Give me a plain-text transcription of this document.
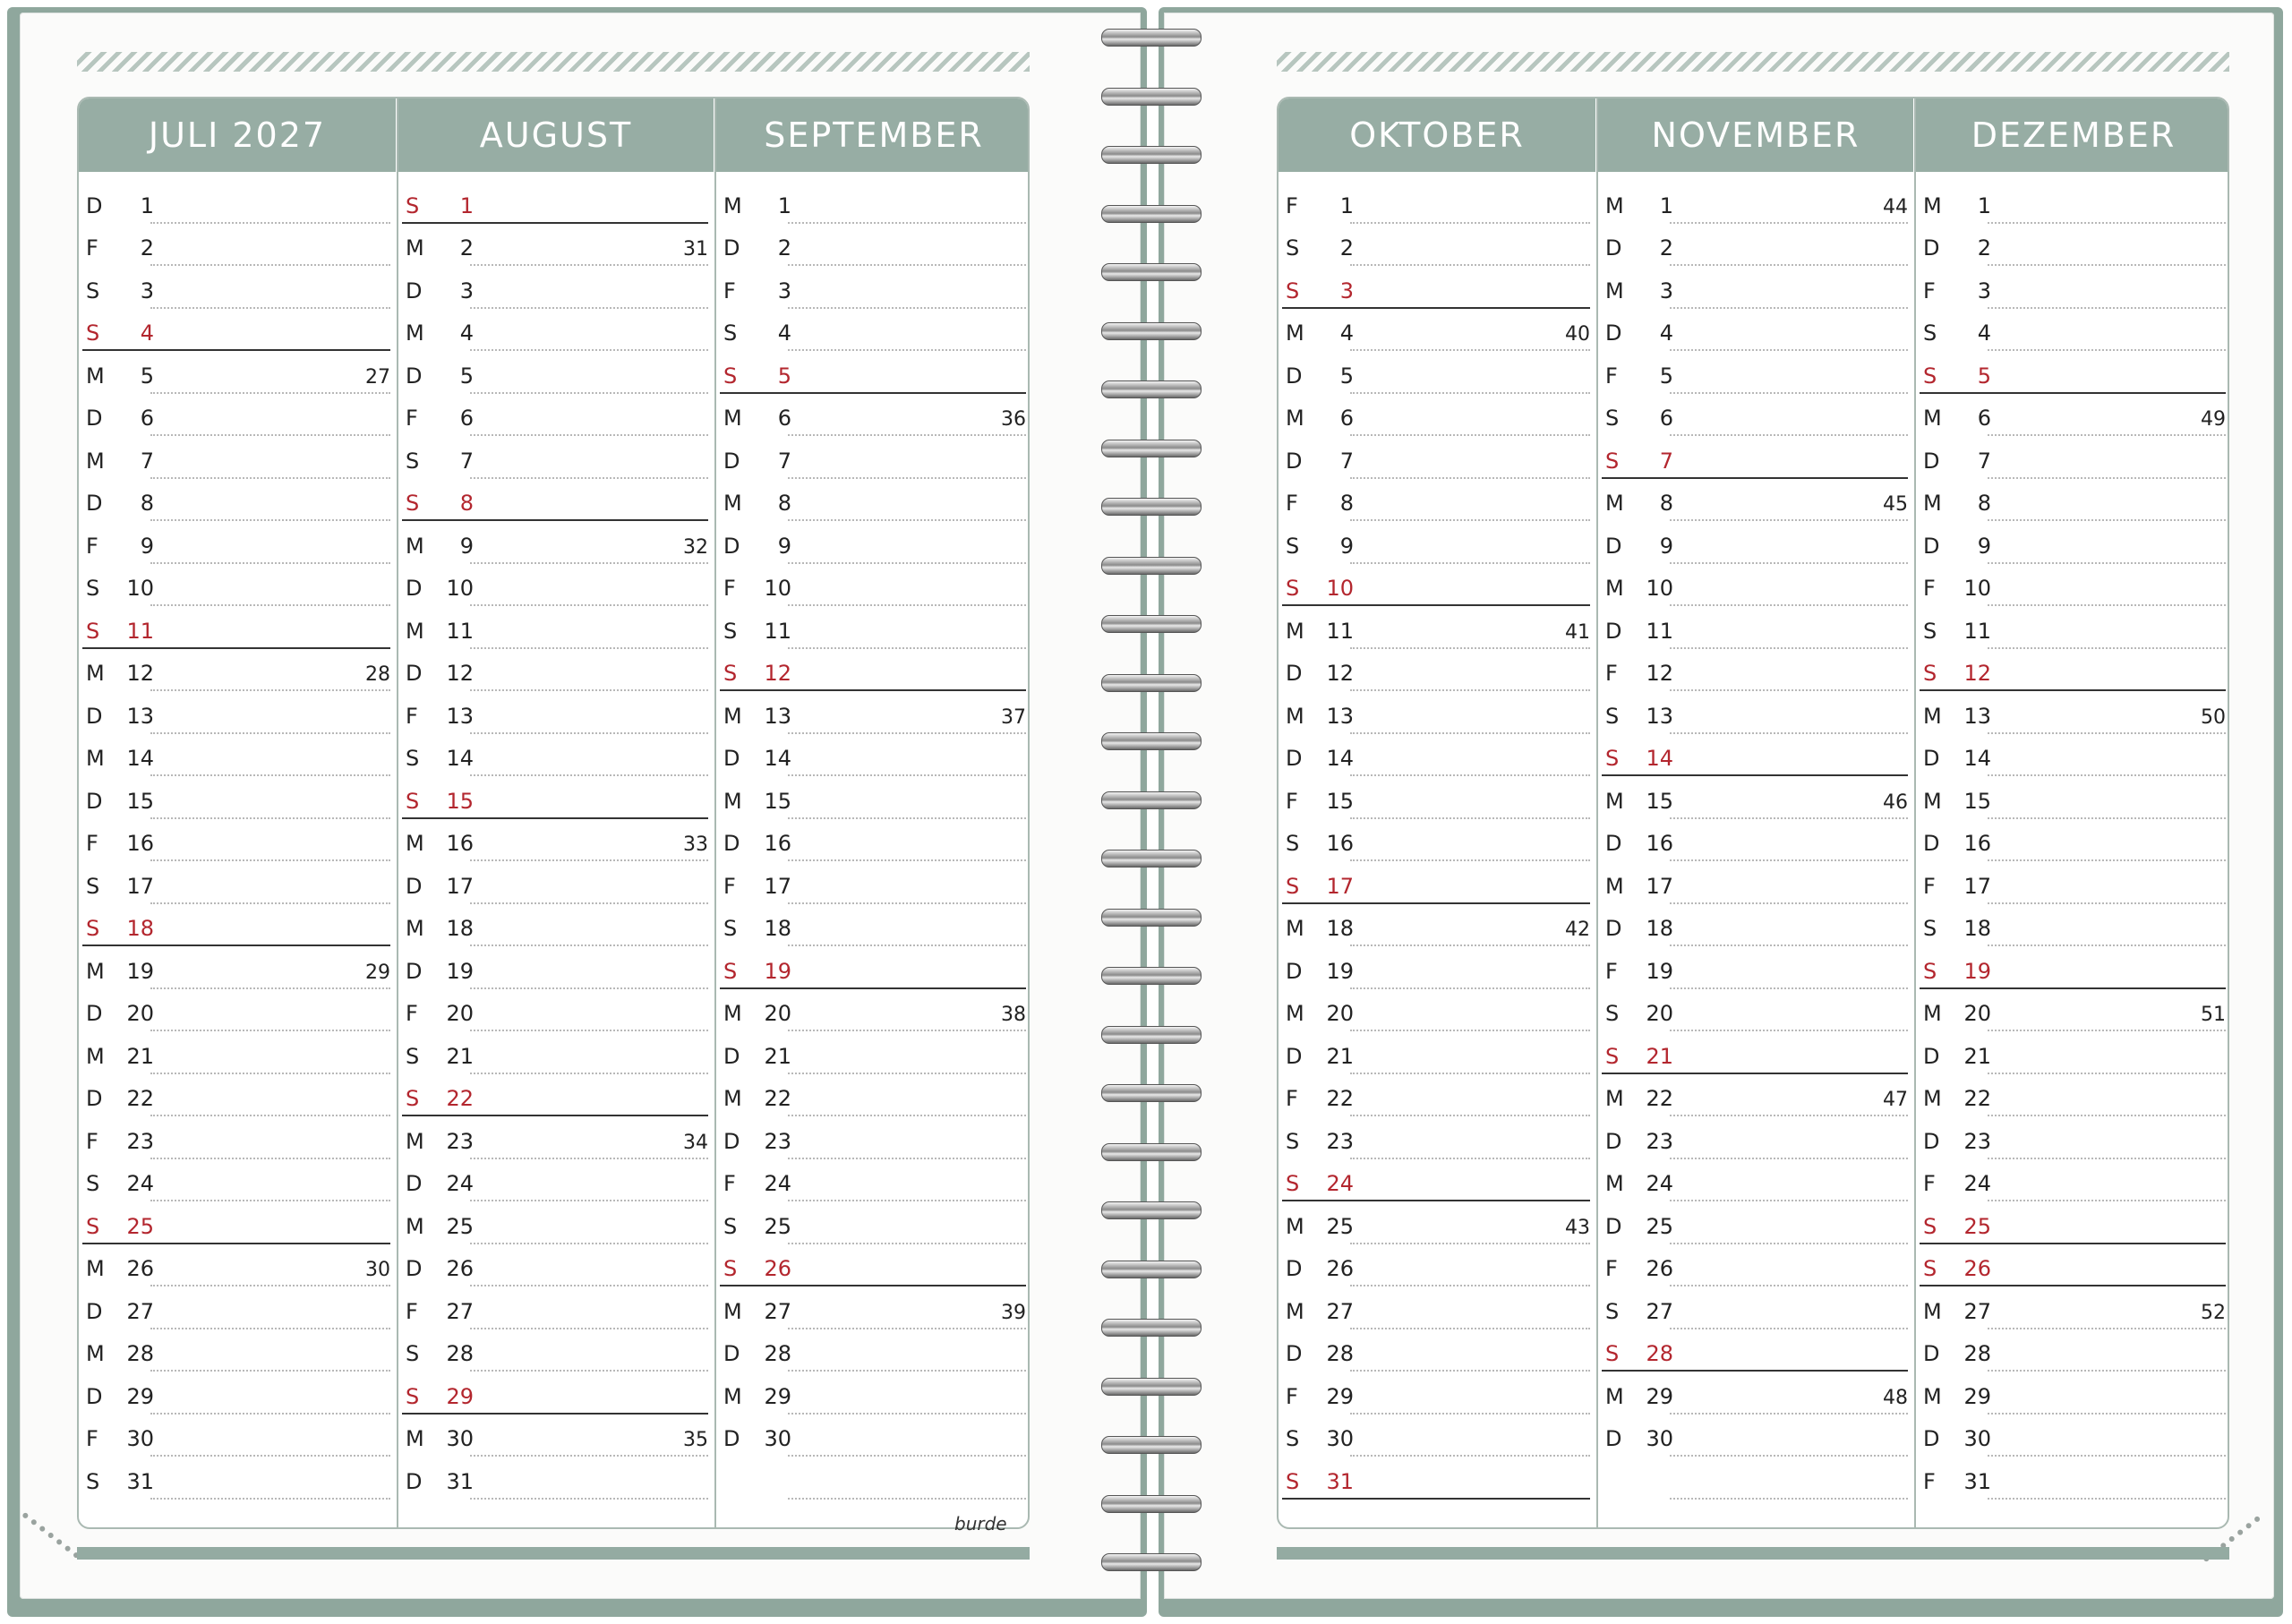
JULI 2027
D	1
F	2
S	3
S	4
M	5	27
D	6
M	7
D	8
F	9
S	10
S	11
M	12	28
D	13
M	14
D	15
F	16
S	17
S	18
M	19	29
D	20
M	21
D	22
F	23
S	24
S	25
M	26	30
D	27
M	28
D	29
F	30
S	31
AUGUST
S	1
M	2	31
D	3
M	4
D	5
F	6
S	7
S	8
M	9	32
D	10
M	11
D	12
F	13
S	14
S	15
M	16	33
D	17
M	18
D	19
F	20
S	21
S	22
M	23	34
D	24
M	25
D	26
F	27
S	28
S	29
M	30	35
D	31
SEPTEMBER
M	1
D	2
F	3
S	4
S	5
M	6	36
D	7
M	8
D	9
F	10
S	11
S	12
M	13	37
D	14
M	15
D	16
F	17
S	18
S	19
M	20	38
D	21
M	22
D	23
F	24
S	25
S	26
M	27	39
D	28
M	29
D	30
OKTOBER
F	1
S	2
S	3
M	4	40
D	5
M	6
D	7
F	8
S	9
S	10
M	11	41
D	12
M	13
D	14
F	15
S	16
S	17
M	18	42
D	19
M	20
D	21
F	22
S	23
S	24
M	25	43
D	26
M	27
D	28
F	29
S	30
S	31
NOVEMBER
M	1	44
D	2
M	3
D	4
F	5
S	6
S	7
M	8	45
D	9
M	10
D	11
F	12
S	13
S	14
M	15	46
D	16
M	17
D	18
F	19
S	20
S	21
M	22	47
D	23
M	24
D	25
F	26
S	27
S	28
M	29	48
D	30
DEZEMBER
M	1
D	2
F	3
S	4
S	5
M	6	49
D	7
M	8
D	9
F	10
S	11
S	12
M	13	50
D	14
M	15
D	16
F	17
S	18
S	19
M	20	51
D	21
M	22
D	23
F	24
S	25
S	26
M	27	52
D	28
M	29
D	30
F	31
burde
